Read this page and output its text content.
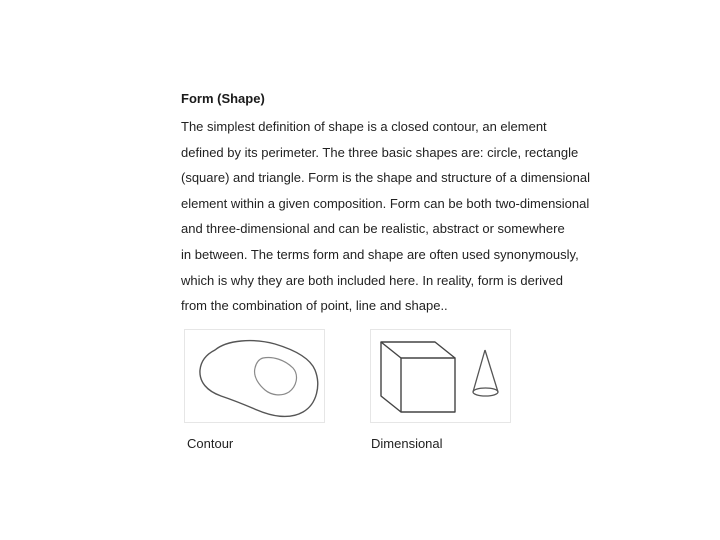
Form (Shape)
The simplest definition of shape is a closed contour, an element
defined by its perimeter. The three basic shapes are: circle, rectangle
(square) and triangle. Form is the shape and structure of a dimensional
element within a given composition. Form can be both two-dimensional
and three-dimensional and can be realistic, abstract or somewhere
in between. The terms form and shape are often used synonymously,
which is why they are both included here. In reality, form is derived
from the combination of point, line and shape..

Contour	Dimensional
